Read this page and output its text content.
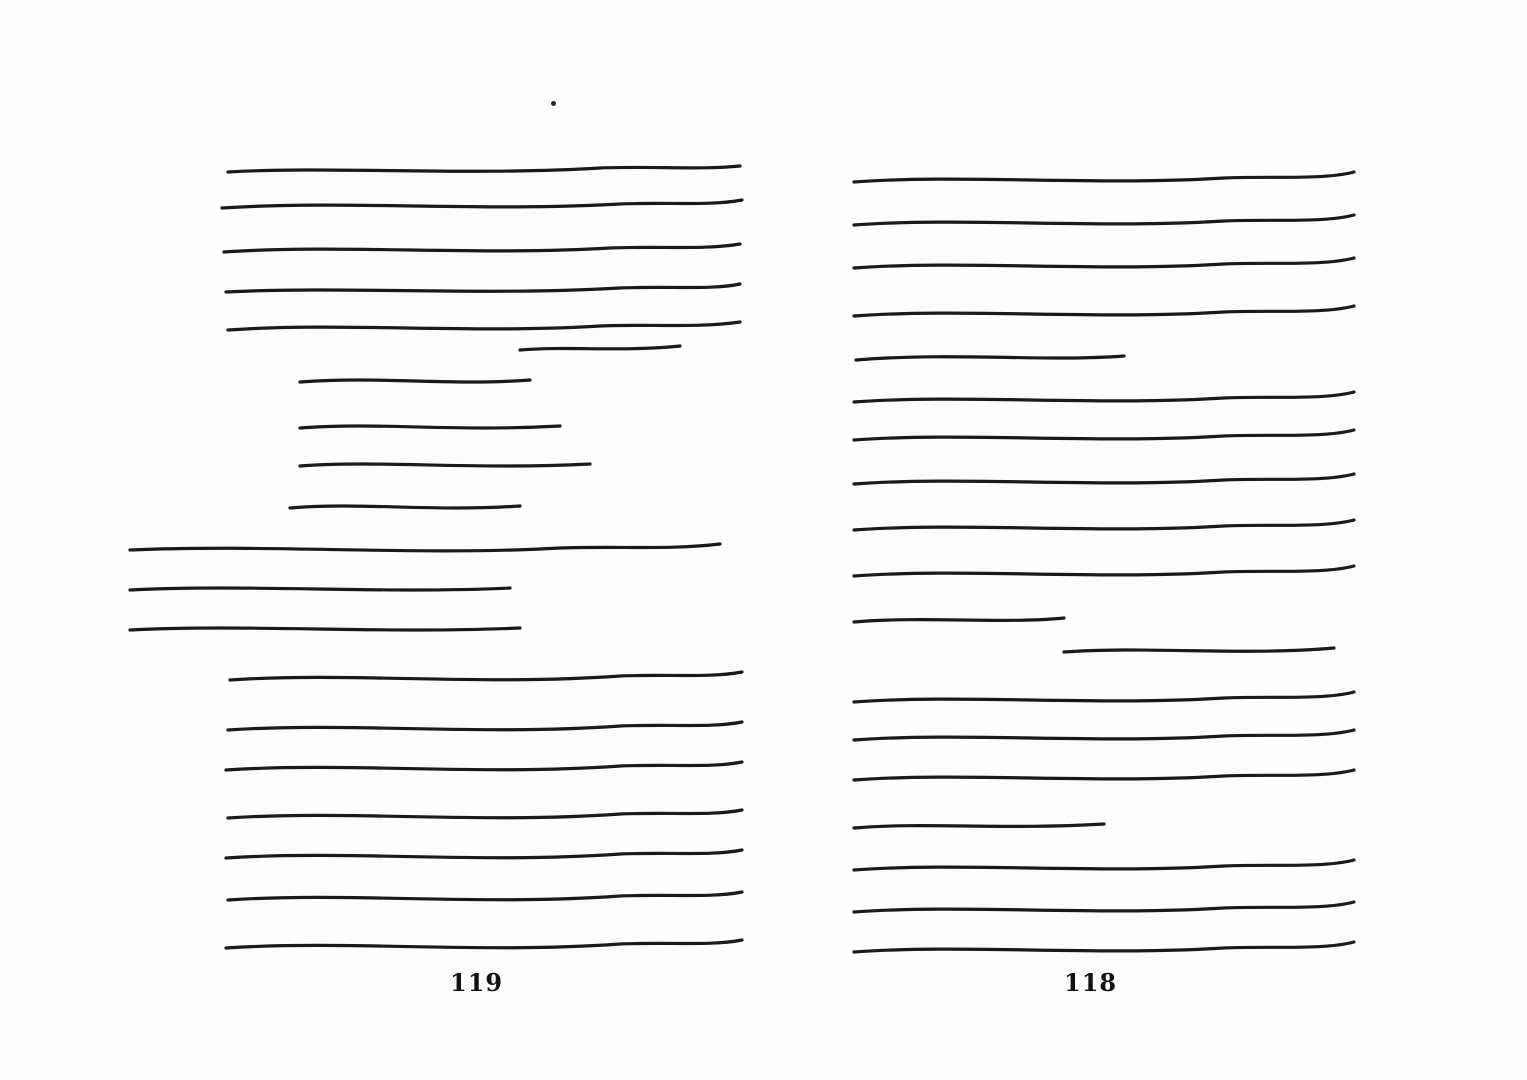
119	118
